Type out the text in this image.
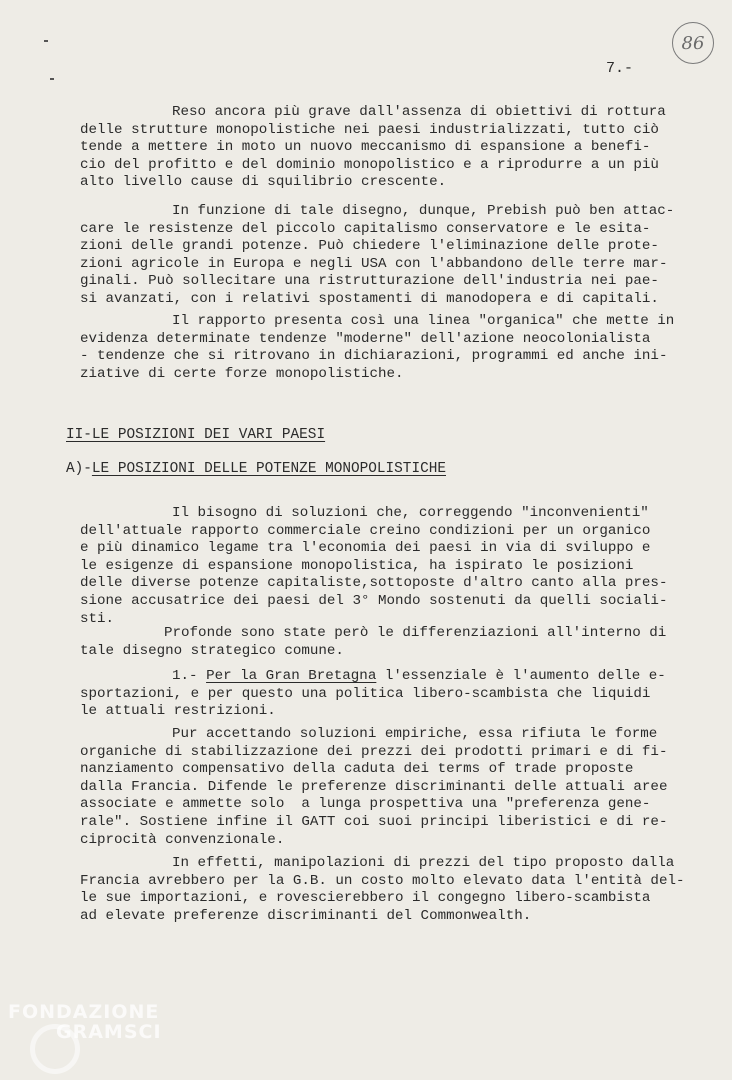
86
7.-

Reso ancora più grave dall'assenza di obiettivi di rottura

delle strutture monopolistiche nei paesi industrializzati, tutto ciò
tende a mettere in moto un nuovo meccanismo di espansione a benefi-
cio del profitto e del dominio monopolistico e a riprodurre a un più
alto livello cause di squilibrio crescente.

In funzione di tale disegno, dunque, Prebish può ben attac-

care le resistenze del piccolo capitalismo conservatore e le esita-
zioni delle grandi potenze. Può chiedere l'eliminazione delle prote-
zioni agricole in Europa e negli USA con l'abbandono delle terre mar-
ginali. Può sollecitare una ristrutturazione dell'industria nei pae-
si avanzati, con i relativi spostamenti di manodopera e di capitali.

Il rapporto presenta così una linea "organica" che mette in

evidenza determinate tendenze "moderne" dell'azione neocolonialista
- tendenze che si ritrovano in dichiarazioni, programmi ed anche ini-
ziative di certe forze monopolistiche.

II-LE POSIZIONI DEI VARI PAESI
A)-LE POSIZIONI DELLE POTENZE MONOPOLISTICHE

Il bisogno di soluzioni che, correggendo "inconvenienti"

dell'attuale rapporto commerciale creino condizioni per un organico
e più dinamico legame tra l'economia dei paesi in via di sviluppo e
le esigenze di espansione monopolistica, ha ispirato le posizioni
delle diverse potenze capitaliste,sottoposte d'altro canto alla pres-
sione accusatrice dei paesi del 3° Mondo sostenuti da quelli sociali-
sti.

Profonde sono state però le differenziazioni all'interno di

tale disegno strategico comune.

1.- Per la Gran Bretagna l'essenziale è l'aumento delle e-

sportazioni, e per questo una politica libero-scambista che liquidi
le attuali restrizioni.

Pur accettando soluzioni empiriche, essa rifiuta le forme

organiche di stabilizzazione dei prezzi dei prodotti primari e di fi-
nanziamento compensativo della caduta dei terms of trade proposte
dalla Francia. Difende le preferenze discriminanti delle attuali aree
associate e ammette solo  a lunga prospettiva una "preferenza gene-
rale". Sostiene infine il GATT coi suoi principi liberistici e di re-
ciprocità convenzionale.

In effetti, manipolazioni di prezzi del tipo proposto dalla

Francia avrebbero per la G.B. un costo molto elevato data l'entità del-
le sue importazioni, e rovescierebbero il congegno libero-scambista
ad elevate preferenze discriminanti del Commonwealth.

FONDAZIONE
GRAMSCI
